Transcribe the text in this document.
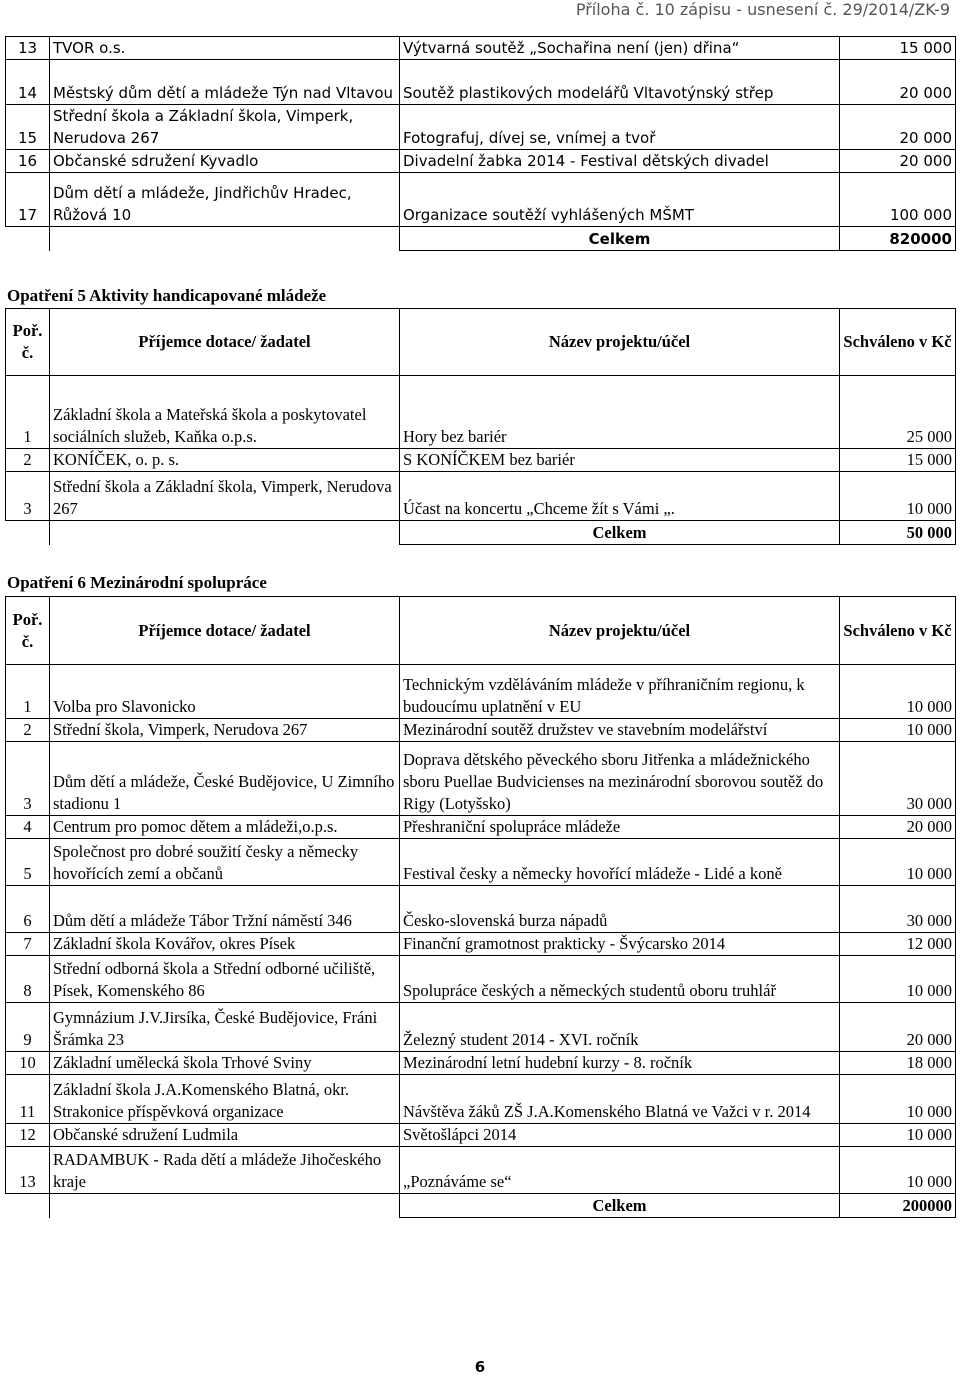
Příloha č. 10 zápisu - usnesení č. 29/2014/ZK-9
13	TVOR o.s.	Výtvarná soutěž „Sochařina není (jen) dřina“	15 000
14	Městský dům dětí a mládeže Týn nad Vltavou	Soutěž plastikových modelářů Vltavotýnský střep	20 000
15	Střední škola a Základní škola, Vimperk, Nerudova 267	Fotografuj, dívej se, vnímej a tvoř	20 000
16	Občanské sdružení Kyvadlo	Divadelní žabka 2014 - Festival dětských divadel	20 000
17	Dům dětí a mládeže, Jindřichův Hradec, Růžová 10	Organizace soutěží vyhlášených MŠMT	100 000
		Celkem	820000
Opatření 5 Aktivity handicapované mládeže
Poř. č.	Příjemce dotace/ žadatel	Název projektu/účel	Schváleno v Kč
1	Základní škola a Mateřská škola a poskytovatel sociálních služeb, Kaňka o.p.s.	Hory bez bariér	25 000
2	KONÍČEK, o. p. s.	S KONÍČKEM bez bariér	15 000
3	Střední škola a Základní škola, Vimperk, Nerudova 267	Účast na koncertu „Chceme žít s Vámi „.	10 000
		Celkem	50 000
Opatření 6 Mezinárodní spolupráce
Poř. č.	Příjemce dotace/ žadatel	Název projektu/účel	Schváleno v Kč
1	Volba pro Slavonicko	Technickým vzděláváním mládeže v příhraničním regionu, k budoucímu uplatnění v EU	10 000
2	Střední škola, Vimperk, Nerudova 267	Mezinárodní soutěž družstev ve stavebním modelářství	10 000
3	Dům dětí a mládeže, České Budějovice, U Zimního stadionu 1	Doprava dětského pěveckého sboru Jitřenka a mládežnického sboru Puellae Budvicienses na mezinárodní sborovou soutěž do Rigy (Lotyšsko)	30 000
4	Centrum pro pomoc dětem a mládeži,o.p.s.	Přeshraniční spolupráce mládeže	20 000
5	Společnost pro dobré soužití česky a německy hovořících zemí a občanů	Festival česky a německy hovořící mládeže - Lidé a koně	10 000
6	Dům dětí a mládeže Tábor Tržní náměstí 346	Česko-slovenská burza nápadů	30 000
7	Základní škola Kovářov, okres Písek	Finanční gramotnost prakticky - Švýcarsko 2014	12 000
8	Střední odborná škola a Střední odborné učiliště, Písek, Komenského 86	Spolupráce českých a německých studentů oboru truhlář	10 000
9	Gymnázium J.V.Jirsíka, České Budějovice, Fráni Šrámka 23	Železný student 2014 - XVI. ročník	20 000
10	Základní umělecká škola Trhové Sviny	Mezinárodní letní hudební kurzy - 8. ročník	18 000
11	Základní škola J.A.Komenského Blatná, okr. Strakonice příspěvková organizace	Návštěva žáků ZŠ J.A.Komenského Blatná ve Važci v r. 2014	10 000
12	Občanské sdružení Ludmila	Světošlápci 2014	10 000
13	RADAMBUK - Rada dětí a mládeže Jihočeského kraje	„Poznáváme se“	10 000
		Celkem	200000
6
